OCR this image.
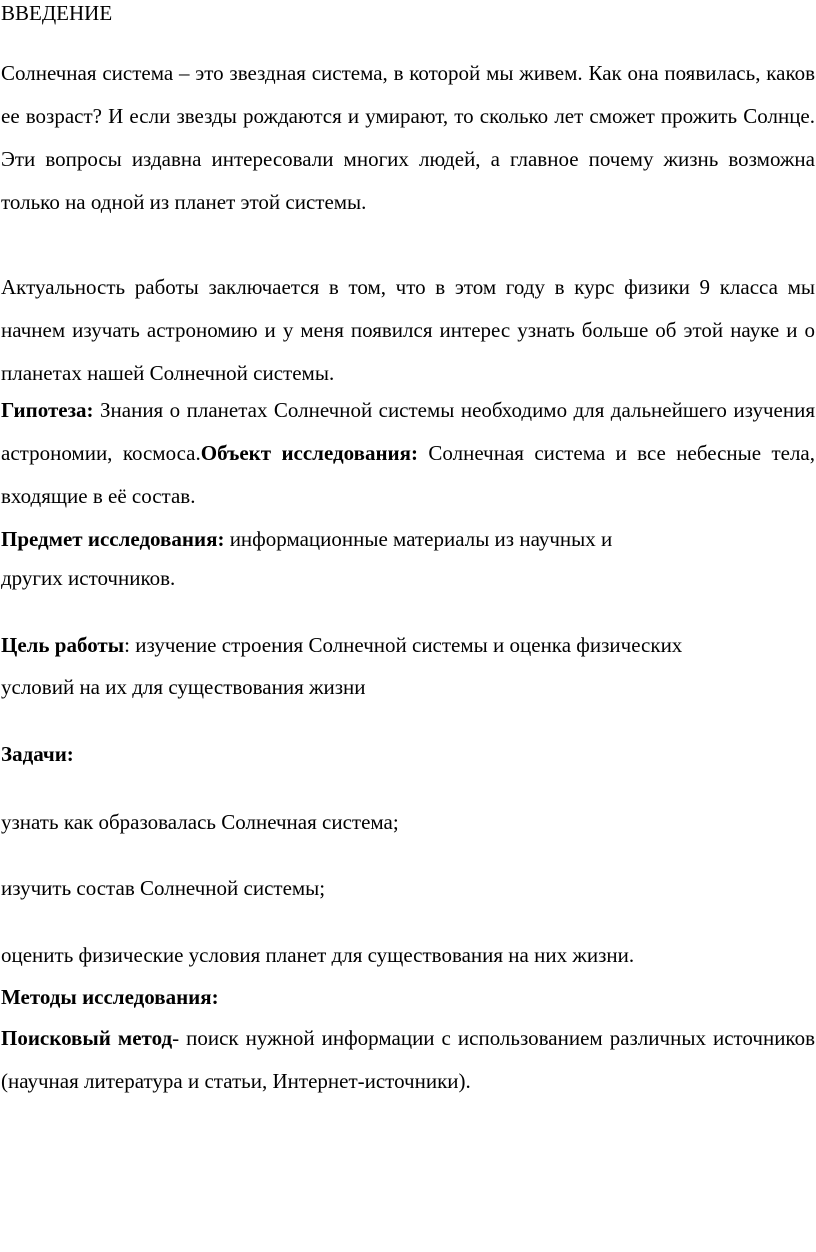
ВВЕДЕНИЕ
Солнечная система – это звездная система, в которой мы живем. Как она появилась, каков ее возраст? И если звезды рождаются и умирают, то сколько лет сможет прожить Солнце. Эти вопросы издавна интересовали многих людей, а главное почему жизнь возможна только на одной из планет этой системы.
Актуальность работы заключается в том, что в этом году в курс физики 9 класса мы начнем изучать астрономию и у меня появился интерес узнать больше об этой науке и о планетах нашей Солнечной системы.
Гипотеза: Знания о планетах Солнечной системы необходимо для дальнейшего изучения астрономии, космоса.Объект исследования: Солнечная система и все небесные тела, входящие в её состав.
Предмет исследования: информационные материалы из научных и
других источников.
Цель работы: изучение строения Солнечной системы и оценка физических
условий на их для существования жизни
Задачи:
узнать как образовалась Солнечная система;
изучить состав Солнечной системы;
оценить физические условия планет для существования на них жизни.
Методы исследования:
Поисковый метод- поиск нужной информации с использованием различных источников (научная литература и статьи, Интернет-источники).
